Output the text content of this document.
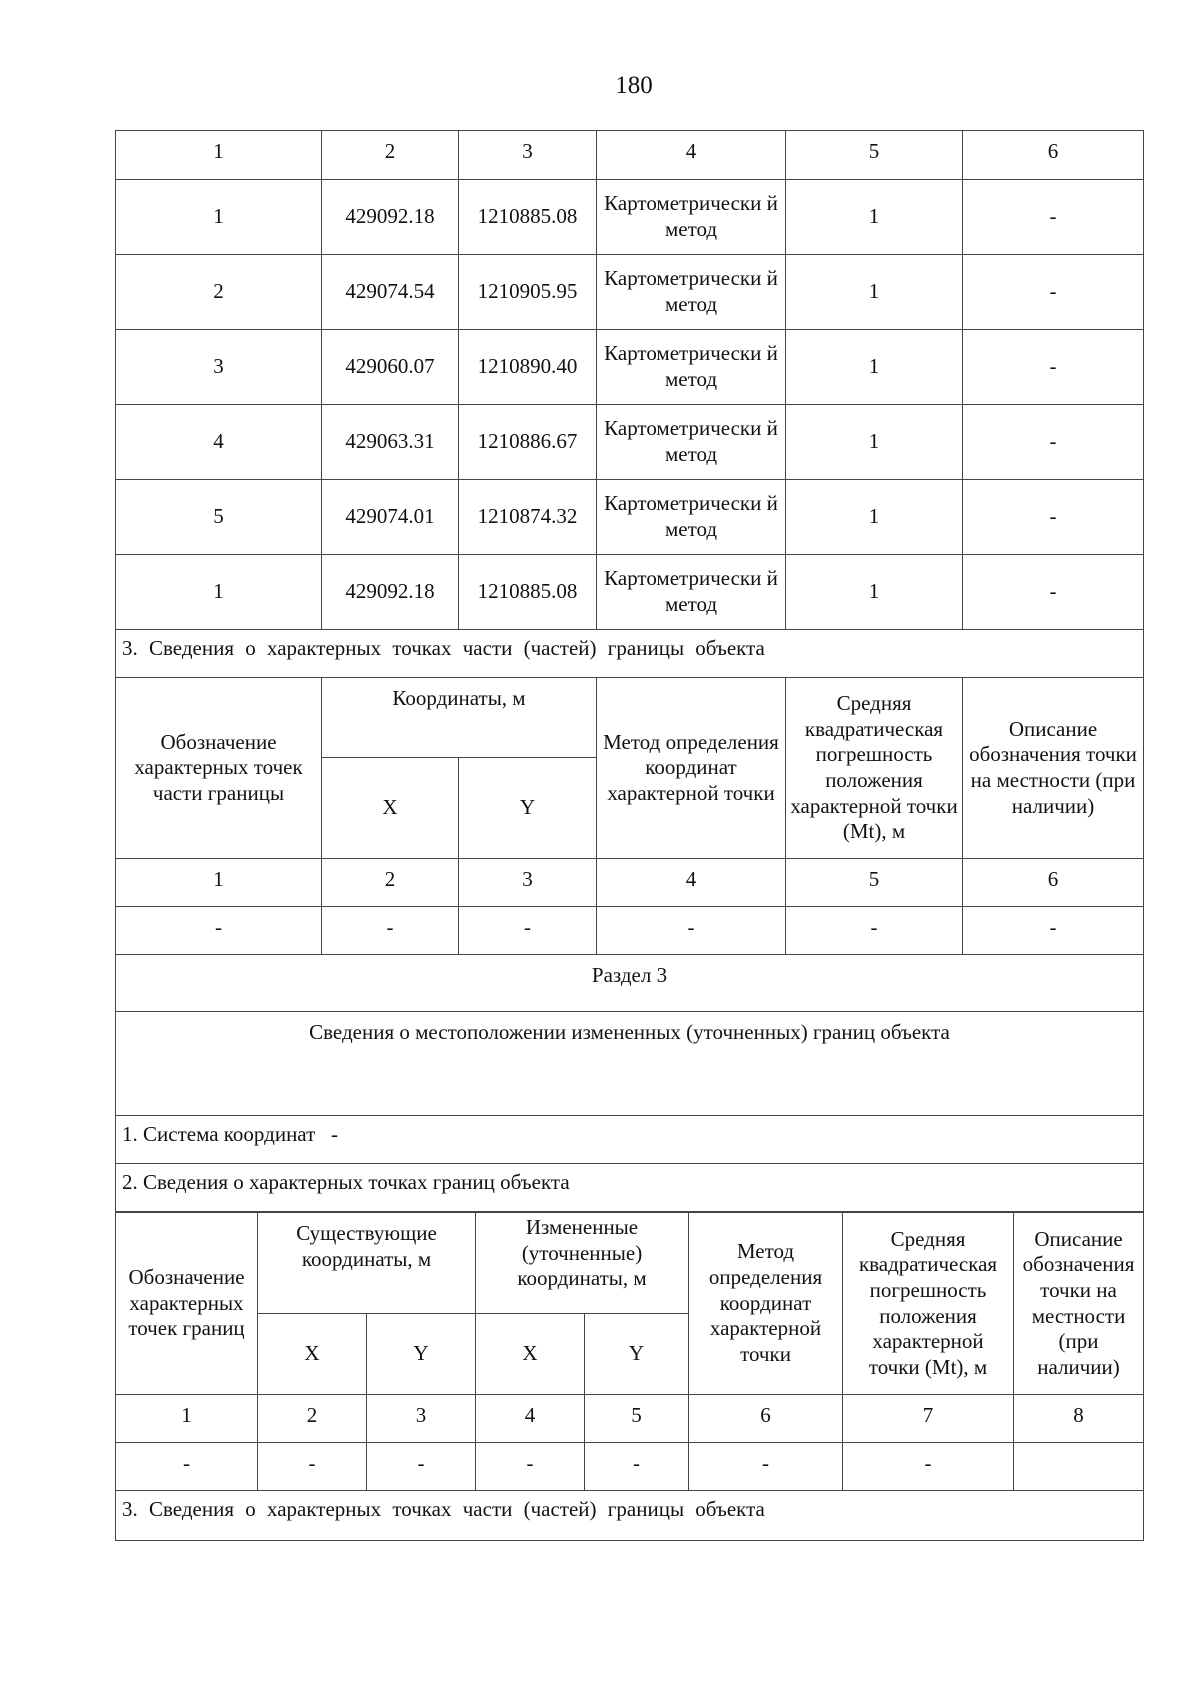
180
1	2	3	4	5	6
1	429092.18	1210885.08	Картометрически й метод	1	-
2	429074.54	1210905.95	Картометрически й метод	1	-
3	429060.07	1210890.40	Картометрически й метод	1	-
4	429063.31	1210886.67	Картометрически й метод	1	-
5	429074.01	1210874.32	Картометрически й метод	1	-
1	429092.18	1210885.08	Картометрически й метод	1	-
3. Сведения о характерных точках части (частей) границы объекта					
Обозначение характерных точек части границы	Координаты, м		Метод определения координат характерной точки	Средняя квадратическая погрешность положения характерной точки (Mt), м	Описание обозначения точки на местности (при наличии)
	X	Y			
1	2	3	4	5	6
-	-	-	-	-	-
Раздел 3					
Сведения о местоположении измененных (уточненных) границ объекта					
1. Система координат   -					
2. Сведения о характерных точках границ объекта					
Обозначение характерных точек границ	Существующие координаты, м		Измененные (уточненные) координаты, м		Метод определения координат характерной точки	Средняя квадратическая погрешность положения характерной точки (Mt), м	Описание обозначения точки на местности (при наличии)
	X	Y	X	Y			
1	2	3	4	5	6	7	8
-	-	-	-	-	-	-	
3. Сведения о характерных точках части (частей) границы объекта							
